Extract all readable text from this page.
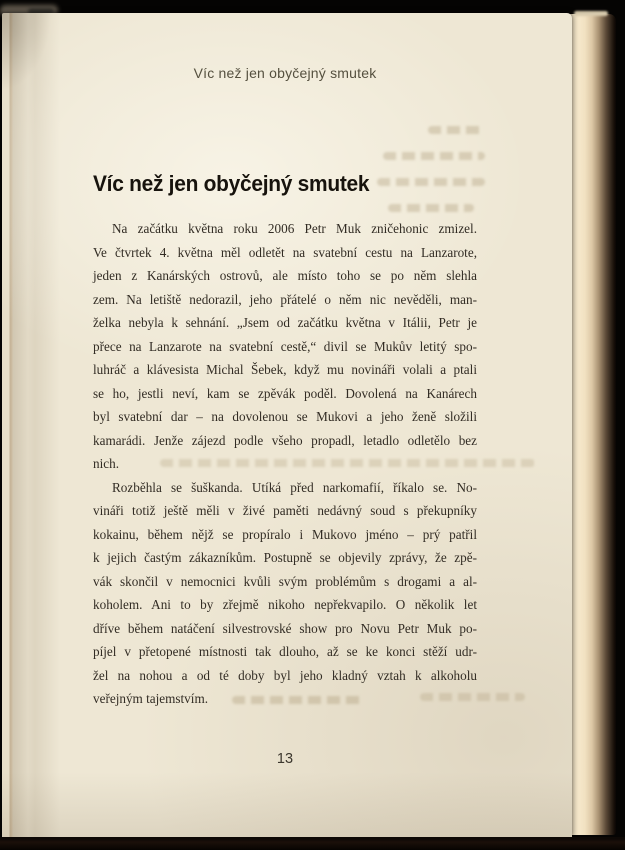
Víc než jen obyčejný smutek
Víc než jen obyčejný smutek
Na začátku května roku 2006 Petr Muk zničehonic zmizel.
Ve čtvrtek 4. května měl odletět na svatební cestu na Lanzarote,
jeden z Kanárských ostrovů, ale místo toho se po něm slehla
zem. Na letiště nedorazil, jeho přátelé o něm nic nevěděli, man-
želka nebyla k sehnání. „Jsem od začátku května v Itálii, Petr je
přece na Lanzarote na svatební cestě,“ divil se Mukův letitý spo-
luhráč a klávesista Michal Šebek, když mu novináři volali a ptali
se ho, jestli neví, kam se zpěvák poděl. Dovolená na Kanárech
byl svatební dar – na dovolenou se Mukovi a jeho ženě složili
kamarádi. Jenže zájezd podle všeho propadl, letadlo odletělo bez
nich.
Rozběhla se šuškanda. Utíká před narkomafií, říkalo se. No-
vináři totiž ještě měli v živé paměti nedávný soud s překupníky
kokainu, během nějž se propíralo i Mukovo jméno – prý patřil
k jejich častým zákazníkům. Postupně se objevily zprávy, že zpě-
vák skončil v nemocnici kvůli svým problémům s drogami a al-
koholem. Ani to by zřejmě nikoho nepřekvapilo. O několik let
dříve během natáčení silvestrovské show pro Novu Petr Muk po-
píjel v přetopené místnosti tak dlouho, až se ke konci stěží udr-
žel na nohou a od té doby byl jeho kladný vztah k alkoholu
veřejným tajemstvím.
13
